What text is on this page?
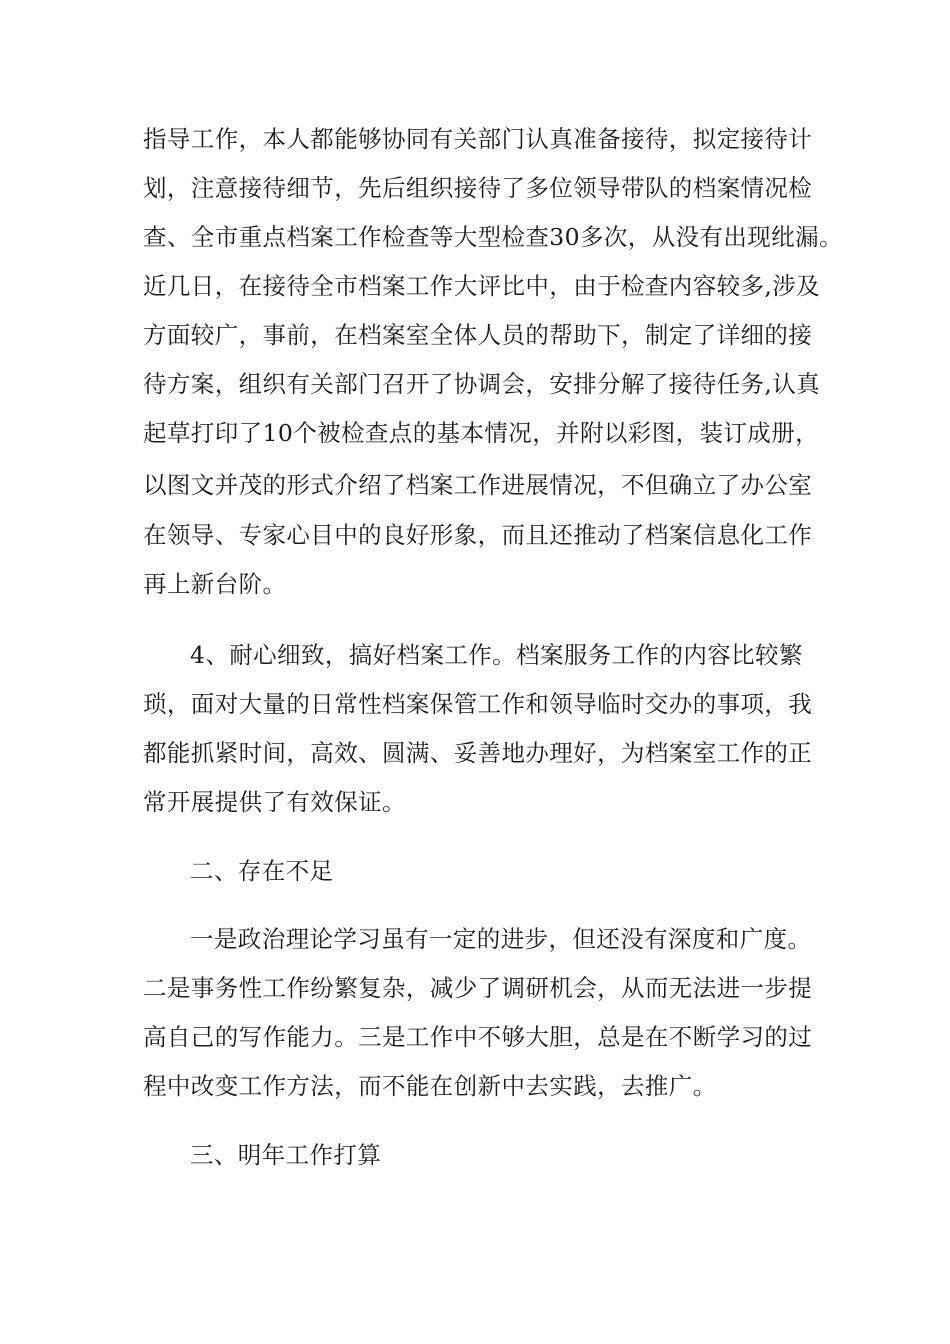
指导工作，本人都能够协同有关部门认真准备接待，拟定接待计
划，注意接待细节，先后组织接待了多位领导带队的档案情况检
查、全市重点档案工作检查等大型检查30多次，从没有出现纰漏。
近几日，在接待全市档案工作大评比中，由于检查内容较多,涉及
方面较广，事前，在档案室全体人员的帮助下，制定了详细的接
待方案，组织有关部门召开了协调会，安排分解了接待任务,认真
起草打印了10个被检查点的基本情况，并附以彩图，装订成册，
以图文并茂的形式介绍了档案工作进展情况，不但确立了办公室
在领导、专家心目中的良好形象，而且还推动了档案信息化工作
再上新台阶。
4、耐心细致，搞好档案工作。档案服务工作的内容比较繁
琐，面对大量的日常性档案保管工作和领导临时交办的事项，我
都能抓紧时间，高效、圆满、妥善地办理好，为档案室工作的正
常开展提供了有效保证。
二、存在不足
一是政治理论学习虽有一定的进步，但还没有深度和广度。
二是事务性工作纷繁复杂，减少了调研机会，从而无法进一步提
高自己的写作能力。三是工作中不够大胆，总是在不断学习的过
程中改变工作方法，而不能在创新中去实践，去推广。
三、明年工作打算
